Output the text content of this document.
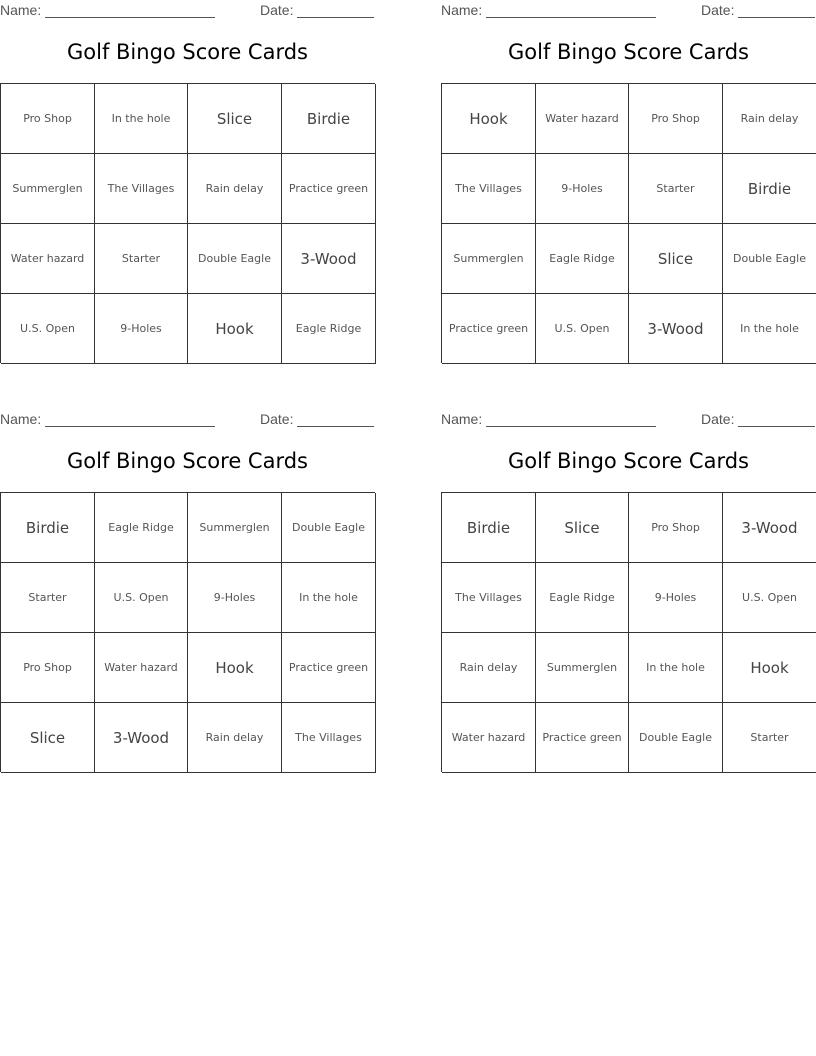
Name:	Date:
Golf Bingo Score Cards
Pro Shop	In the hole	Slice	Birdie
Summerglen	The Villages	Rain delay	Practice green
Water hazard	Starter	Double Eagle	3-Wood
U.S. Open	9-Holes	Hook	Eagle Ridge
Name:	Date:
Golf Bingo Score Cards
Hook	Water hazard	Pro Shop	Rain delay
The Villages	9-Holes	Starter	Birdie
Summerglen	Eagle Ridge	Slice	Double Eagle
Practice green	U.S. Open	3-Wood	In the hole
Name:	Date:
Golf Bingo Score Cards
Birdie	Eagle Ridge	Summerglen	Double Eagle
Starter	U.S. Open	9-Holes	In the hole
Pro Shop	Water hazard	Hook	Practice green
Slice	3-Wood	Rain delay	The Villages
Name:	Date:
Golf Bingo Score Cards
Birdie	Slice	Pro Shop	3-Wood
The Villages	Eagle Ridge	9-Holes	U.S. Open
Rain delay	Summerglen	In the hole	Hook
Water hazard	Practice green	Double Eagle	Starter
